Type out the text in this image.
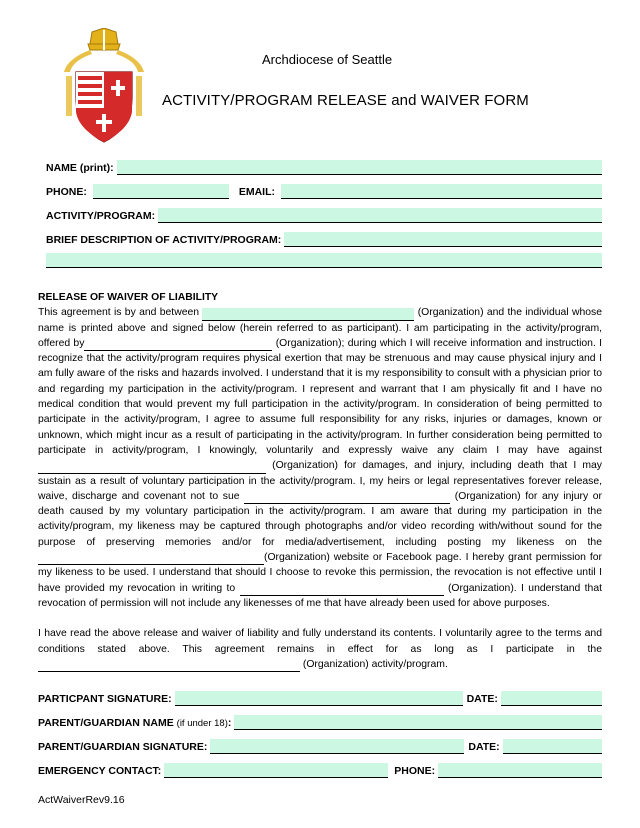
Archdiocese of Seattle
ACTIVITY/PROGRAM RELEASE and WAIVER FORM
NAME (print):
PHONE:	EMAIL:
ACTIVITY/PROGRAM:
BRIEF DESCRIPTION OF ACTIVITY/PROGRAM:

RELEASE OF WAIVER OF LIABILITY

This agreement is by and between	(Organization) and the individual whose name is printed above and signed below (herein referred to as participant). I am participating in the activity/program, offered by	(Organization); during which I will receive information and instruction. I recognize that the activity/program requires physical exertion that may be strenuous and may cause physical injury and I am fully aware of the risks and hazards involved. I understand that it is my responsibility to consult with a physician prior to and regarding my participation in the activity/program. I represent and warrant that I am physically fit and I have no medical condition that would prevent my full participation in the activity/program. In consideration of being permitted to participate in the activity/program, I agree to assume full responsibility for any risks, injuries or damages, known or unknown, which might incur as a result of participating in the activity/program. In further consideration being permitted to participate in activity/program, I knowingly, voluntarily and expressly waive any claim I may have against  (Organization) for damages, and injury, including death that I may sustain as a result of voluntary participation in the activity/program. I, my heirs or legal representatives forever release, waive, discharge and covenant not to sue	(Organization) for any injury or death caused by my voluntary participation in the activity/program. I am aware that during my participation in the activity/program, my likeness may be captured through photographs and/or video recording with/without sound for the purpose of preserving memories and/or for media/advertisement, including posting my likeness on the (Organization) website or Facebook page. I hereby grant permission for my likeness to be used. I understand that should I choose to revoke this permission, the revocation is not effective until I have provided my revocation in writing to	(Organization). I understand that revocation of permission will not include any likenesses of me that have already been used for above purposes.

I have read the above release and waiver of liability and fully understand its contents. I voluntarily agree to the terms and conditions stated above. This agreement remains in effect for as long as I participate in the  (Organization) activity/program.

PARTICPANT SIGNATURE:	DATE:
PARENT/GUARDIAN NAME (if under 18):
PARENT/GUARDIAN SIGNATURE:	DATE:
EMERGENCY CONTACT:	PHONE:
ActWaiverRev9.16
